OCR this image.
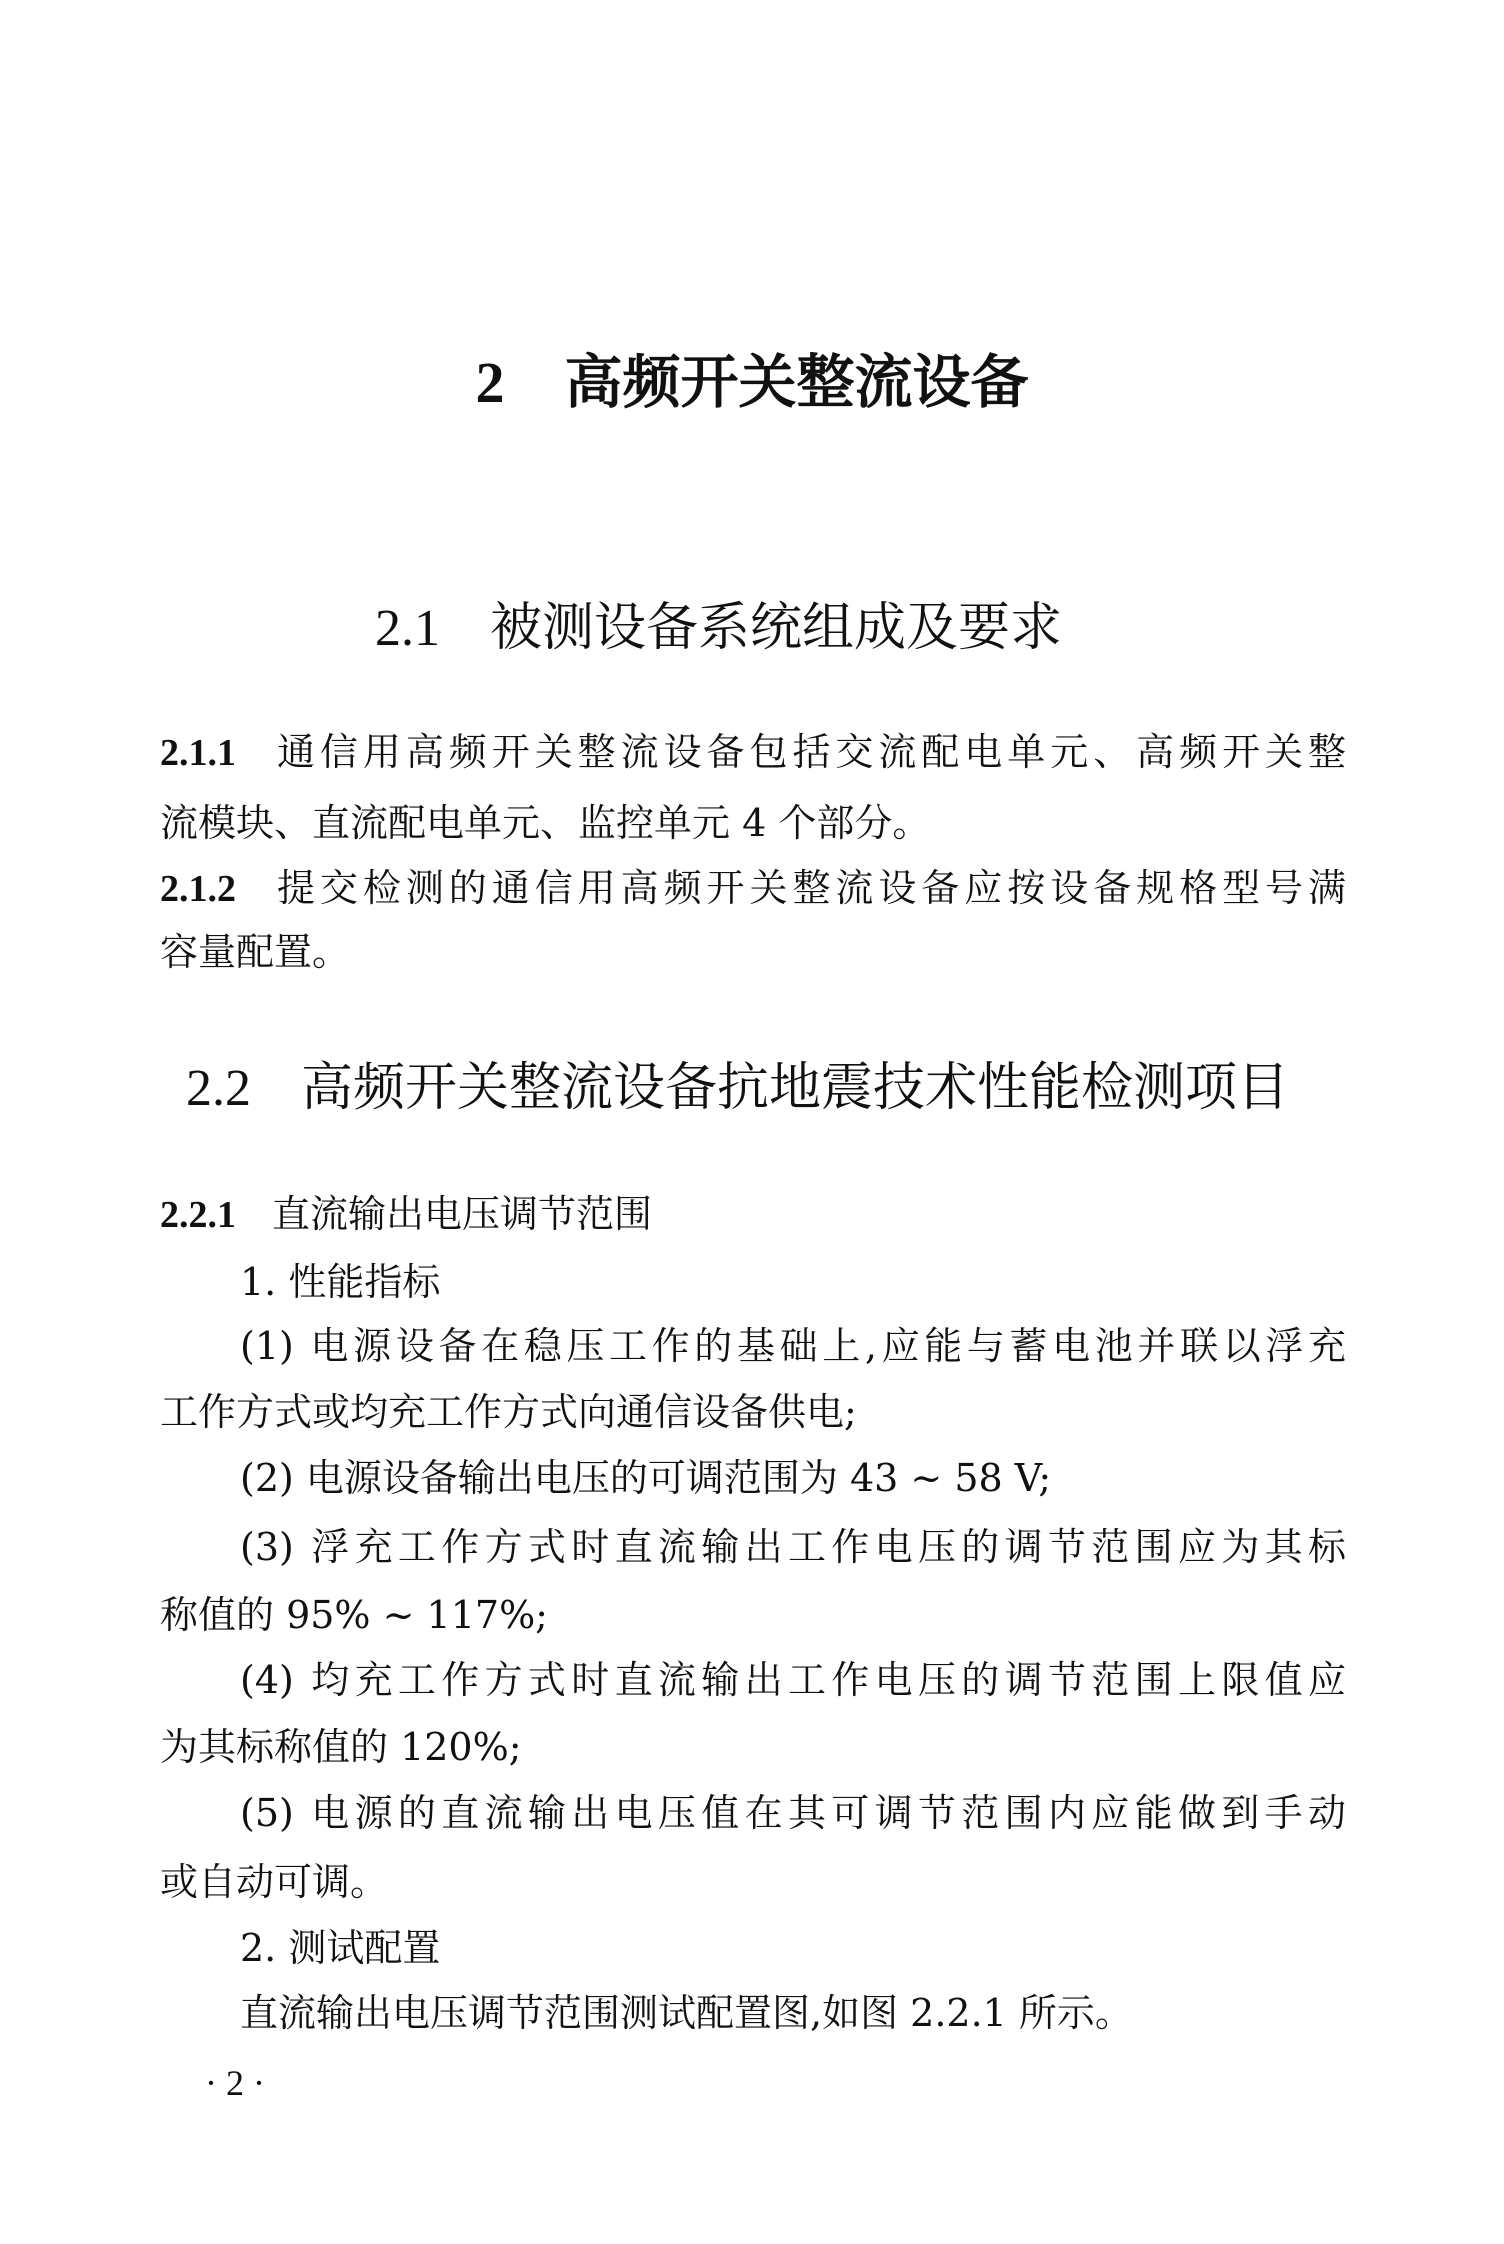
2 高频开关整流设备
2.1 被测设备系统组成及要求
2.1.1 通信用高频开关整流设备包括交流配电单元、高频开关整
流模块、直流配电单元、监控单元 4 个部分。
2.1.2 提交检测的通信用高频开关整流设备应按设备规格型号满
容量配置。
2.2 高频开关整流设备抗地震技术性能检测项目
2.2.1 直流输出电压调节范围
1. 性能指标
(1) 电源设备在稳压工作的基础上,应能与蓄电池并联以浮充
工作方式或均充工作方式向通信设备供电;
(2) 电源设备输出电压的可调范围为 43 ~ 58 V;
(3) 浮充工作方式时直流输出工作电压的调节范围应为其标
称值的 95% ~ 117%;
(4) 均充工作方式时直流输出工作电压的调节范围上限值应
为其标称值的 120%;
(5) 电源的直流输出电压值在其可调节范围内应能做到手动
或自动可调。
2. 测试配置
直流输出电压调节范围测试配置图,如图 2.2.1 所示。
· 2 ·
